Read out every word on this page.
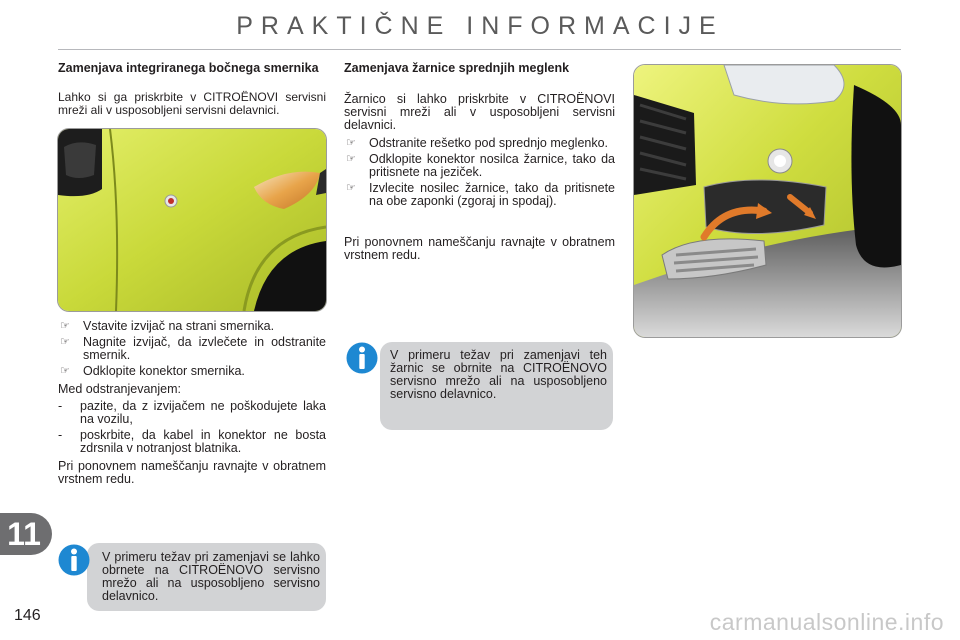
PRAKTIČNE INFORMACIJE
Zamenjava integriranega bočnega smernika
Lahko si ga priskrbite v CITROËNOVI servisni mreži ali v usposobljeni servisni delavnici.
☞ Vstavite izvijač na strani smernika.
☞ Nagnite izvijač, da izvlečete in odstranite smernik.
☞ Odklopite konektor smernika.
Med odstranjevanjem:
- pazite, da z izvijačem ne poškodujete laka na vozilu,
- poskrbite, da kabel in konektor ne bosta zdrsnila v notranjost blatnika.
Pri ponovnem nameščanju ravnajte v obratnem vrstnem redu.
V primeru težav pri zamenjavi se lahko obrnete na CITROËNOVO servisno mrežo ali na usposobljeno servisno delavnico.
Zamenjava žarnice sprednjih meglenk
Žarnico si lahko priskrbite v CITROËNOVI servisni mreži ali v usposobljeni servisni delavnici.
☞ Odstranite rešetko pod sprednjo meglenko.
☞ Odklopite konektor nosilca žarnice, tako da pritisnete na jeziček.
☞ Izvlecite nosilec žarnice, tako da pritisnete na obe zaponki (zgoraj in spodaj).
Pri ponovnem nameščanju ravnajte v obratnem vrstnem redu.
V primeru težav pri zamenjavi teh žarnic se obrnite na CITROËNOVO servisno mrežo ali na usposobljeno servisno delavnico.
11
146	carmanualsonline.info
